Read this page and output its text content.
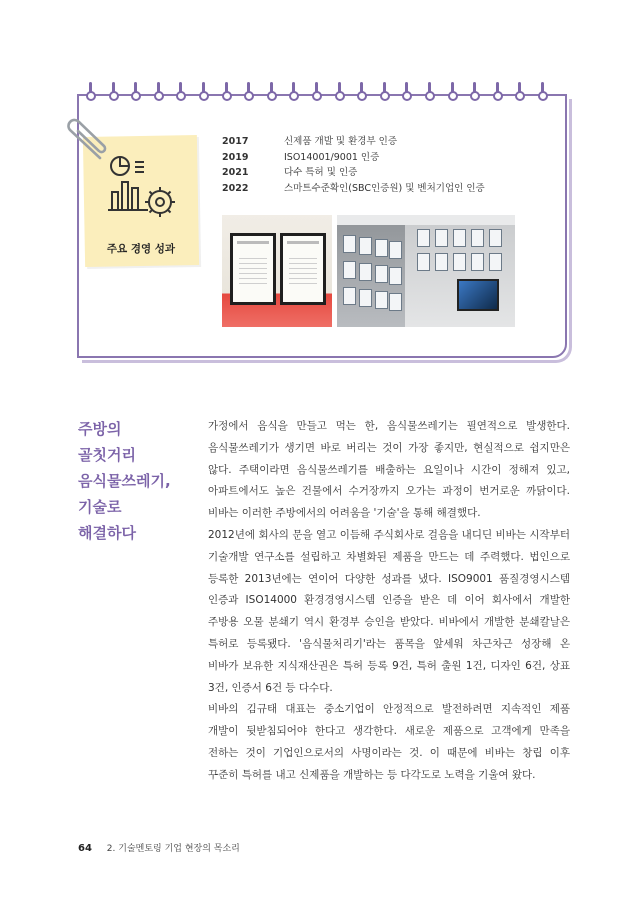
주요 경영 성과
2017	신제품 개발 및 환경부 인증
2019	ISO14001/9001 인증
2021	다수 특허 및 인증
2022	스마트수준확인(SBC인증원) 및 벤처기업인 인증
주방의
골칫거리
음식물쓰레기,
기술로
해결하다
가정에서 음식을 만들고 먹는 한, 음식물쓰레기는 필연적으로 발생한다.
음식물쓰레기가 생기면 바로 버리는 것이 가장 좋지만, 현실적으로 쉽지만은
않다. 주택이라면 음식물쓰레기를 배출하는 요일이나 시간이 정해져 있고,
아파트에서도 높은 건물에서 수거장까지 오가는 과정이 번거로운 까닭이다.
비바는 이러한 주방에서의 어려움을 '기술'을 통해 해결했다.
2012년에 회사의 문을 열고 이듬해 주식회사로 걸음을 내디딘 비바는 시작부터
기술개발 연구소를 설립하고 차별화된 제품을 만드는 데 주력했다. 법인으로
등록한 2013년에는 연이어 다양한 성과를 냈다. ISO9001 품질경영시스템
인증과 ISO14000 환경경영시스템 인증을 받은 데 이어 회사에서 개발한
주방용 오물 분쇄기 역시 환경부 승인을 받았다. 비바에서 개발한 분쇄칼날은
특허로 등록됐다. '음식물처리기'라는 품목을 앞세워 차근차근 성장해 온
비바가 보유한 지식재산권은 특허 등록 9건, 특허 출원 1건, 디자인 6건, 상표
3건, 인증서 6건 등 다수다.
비바의 김규태 대표는 중소기업이 안정적으로 발전하려면 지속적인 제품
개발이 뒷받침되어야 한다고 생각한다. 새로운 제품으로 고객에게 만족을
전하는 것이 기업인으로서의 사명이라는 것. 이 때문에 비바는 창립 이후
꾸준히 특허를 내고 신제품을 개발하는 등 다각도로 노력을 기울여 왔다.
64 2. 기술멘토링 기업 현장의 목소리
